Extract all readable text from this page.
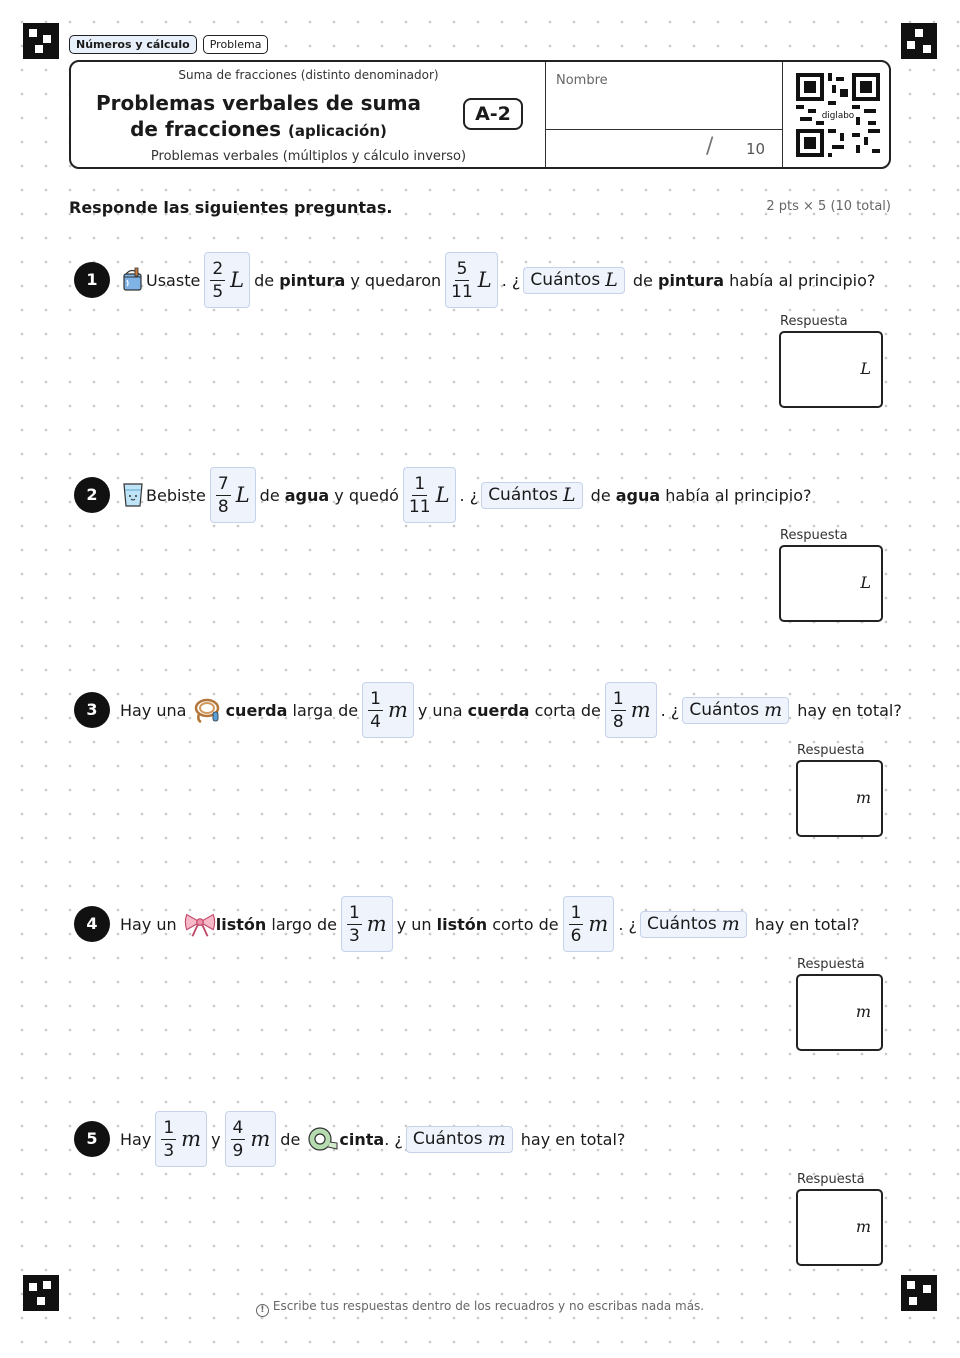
Números y cálculo	Problema
Suma de fracciones (distinto denominador)
Problemas verbales de suma de fracciones (aplicación)
A-2
Problemas verbales (múltiplos y cálculo inverso)
Nombre
/ 10
diglabo
Responde las siguientes preguntas.	2 pts × 5 (10 total)
1	Usaste $\frac{2}{5}$ L de pintura y quedaron $\frac{5}{11}$ L . ¿ Cuántos L de pintura había al principio?
Respuesta
L
2	Bebiste $\frac{7}{8}$ L de agua y quedó $\frac{1}{11}$ L . ¿ Cuántos L de agua había al principio?
Respuesta
L
3	Hay una cuerda larga de $\frac{1}{4}$ m y una cuerda corta de $\frac{1}{8}$ m . ¿ Cuántos m hay en total?
Respuesta
m
4	Hay un listón largo de $\frac{1}{3}$ m y un listón corto de $\frac{1}{6}$ m . ¿ Cuántos m hay en total?
Respuesta
m
5	Hay $\frac{1}{3}$ m y $\frac{4}{9}$ m de cinta . ¿ Cuántos m hay en total?
Respuesta
m
! Escribe tus respuestas dentro de los recuadros y no escribas nada más.
